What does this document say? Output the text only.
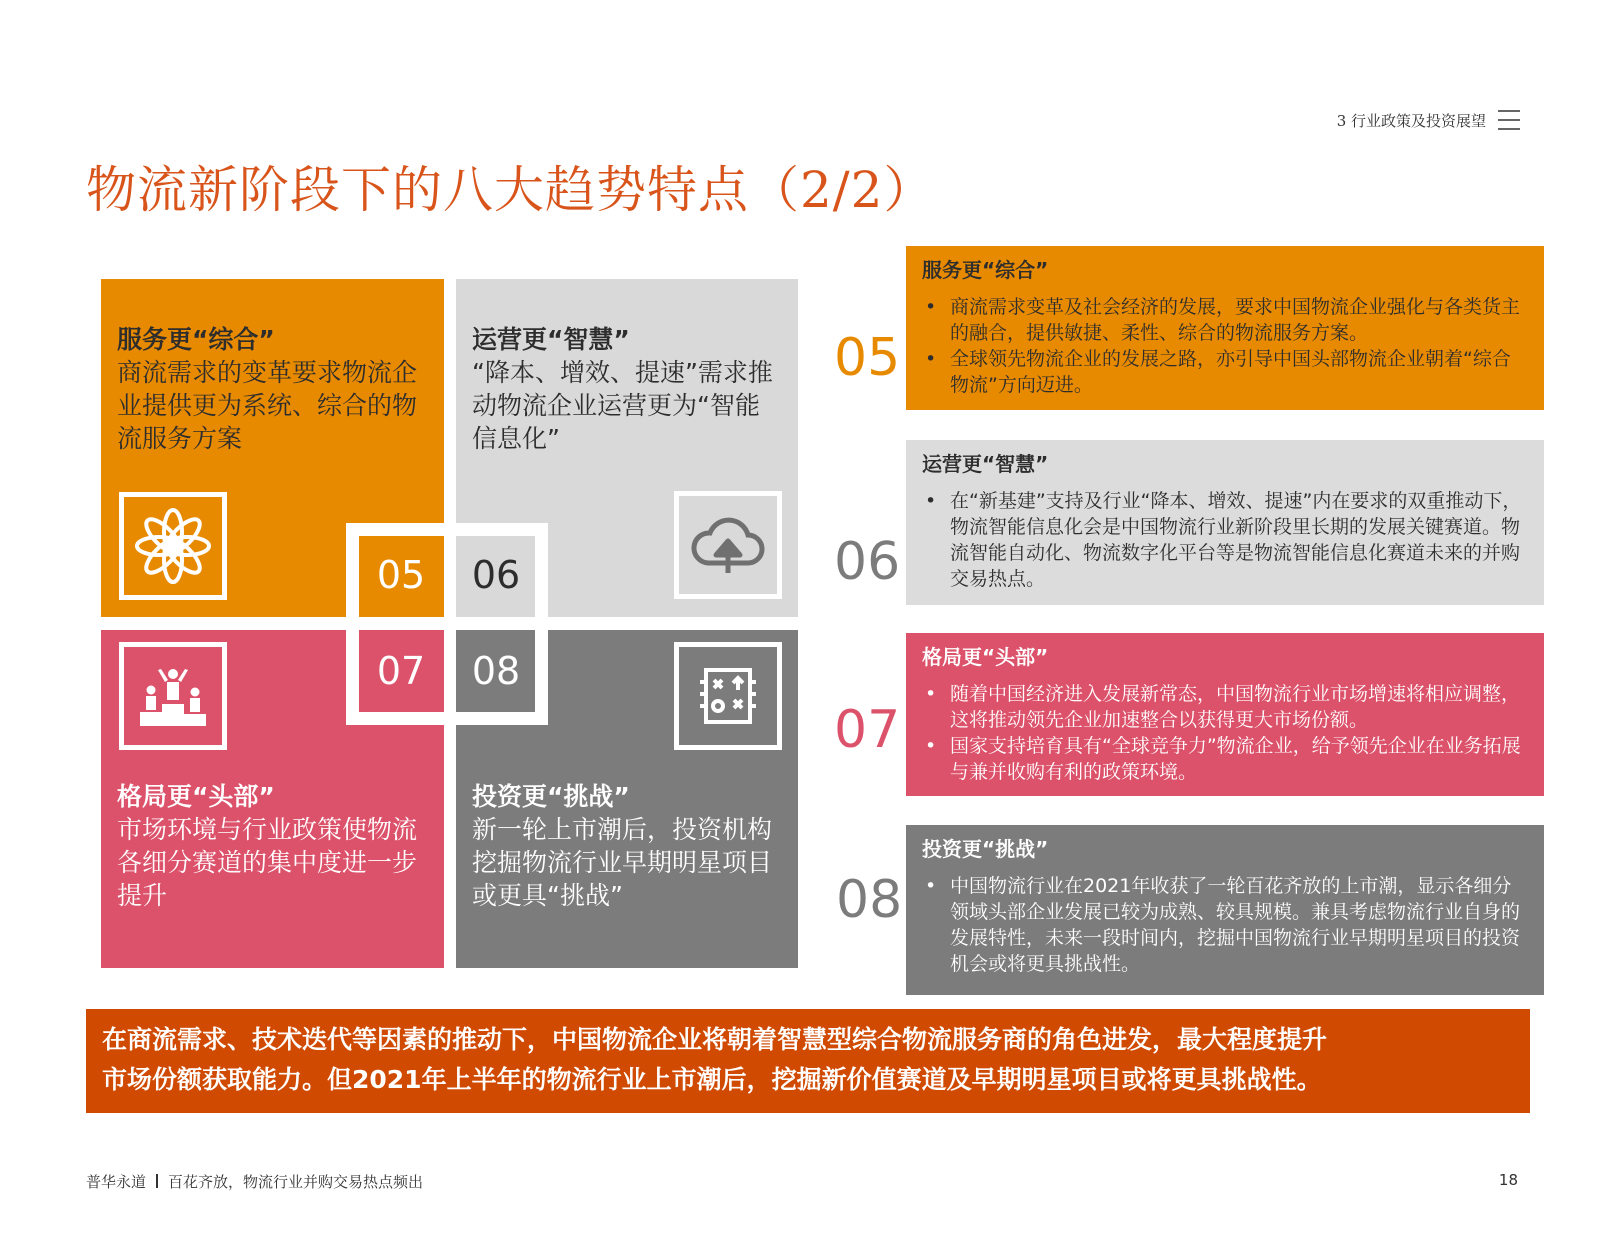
3 行业政策及投资展望
物流新阶段下的八大趋势特点（2/2）
服务更“综合”
商流需求的变革要求物流企业提供更为系统、综合的物流服务方案
运营更“智慧”
“降本、增效、提速”需求推动物流企业运营更为“智能信息化”
格局更“头部”
市场环境与行业政策使物流各细分赛道的集中度进一步提升
投资更“挑战”
新一轮上市潮后，投资机构挖掘物流行业早期明星项目或更具“挑战”
05	06
07	08
05
06
07
08
服务更“综合”
• 商流需求变革及社会经济的发展，要求中国物流企业强化与各类货主的融合，提供敏捷、柔性、综合的物流服务方案。
• 全球领先物流企业的发展之路，亦引导中国头部物流企业朝着“综合物流”方向迈进。
运营更“智慧”
• 在“新基建”支持及行业“降本、增效、提速”内在要求的双重推动下，物流智能信息化会是中国物流行业新阶段里长期的发展关键赛道。物流智能自动化、物流数字化平台等是物流智能信息化赛道未来的并购交易热点。
格局更“头部”
• 随着中国经济进入发展新常态，中国物流行业市场增速将相应调整，这将推动领先企业加速整合以获得更大市场份额。
• 国家支持培育具有“全球竞争力”物流企业，给予领先企业在业务拓展与兼并收购有利的政策环境。
投资更“挑战”
• 中国物流行业在2021年收获了一轮百花齐放的上市潮，显示各细分领域头部企业发展已较为成熟、较具规模。兼具考虑物流行业自身的发展特性，未来一段时间内，挖掘中国物流行业早期明星项目的投资机会或将更具挑战性。
在商流需求、技术迭代等因素的推动下，中国物流企业将朝着智慧型综合物流服务商的角色进发，最大程度提升
市场份额获取能力。但2021年上半年的物流行业上市潮后，挖掘新价值赛道及早期明星项目或将更具挑战性。
普华永道 百花齐放，物流行业并购交易热点频出	18
